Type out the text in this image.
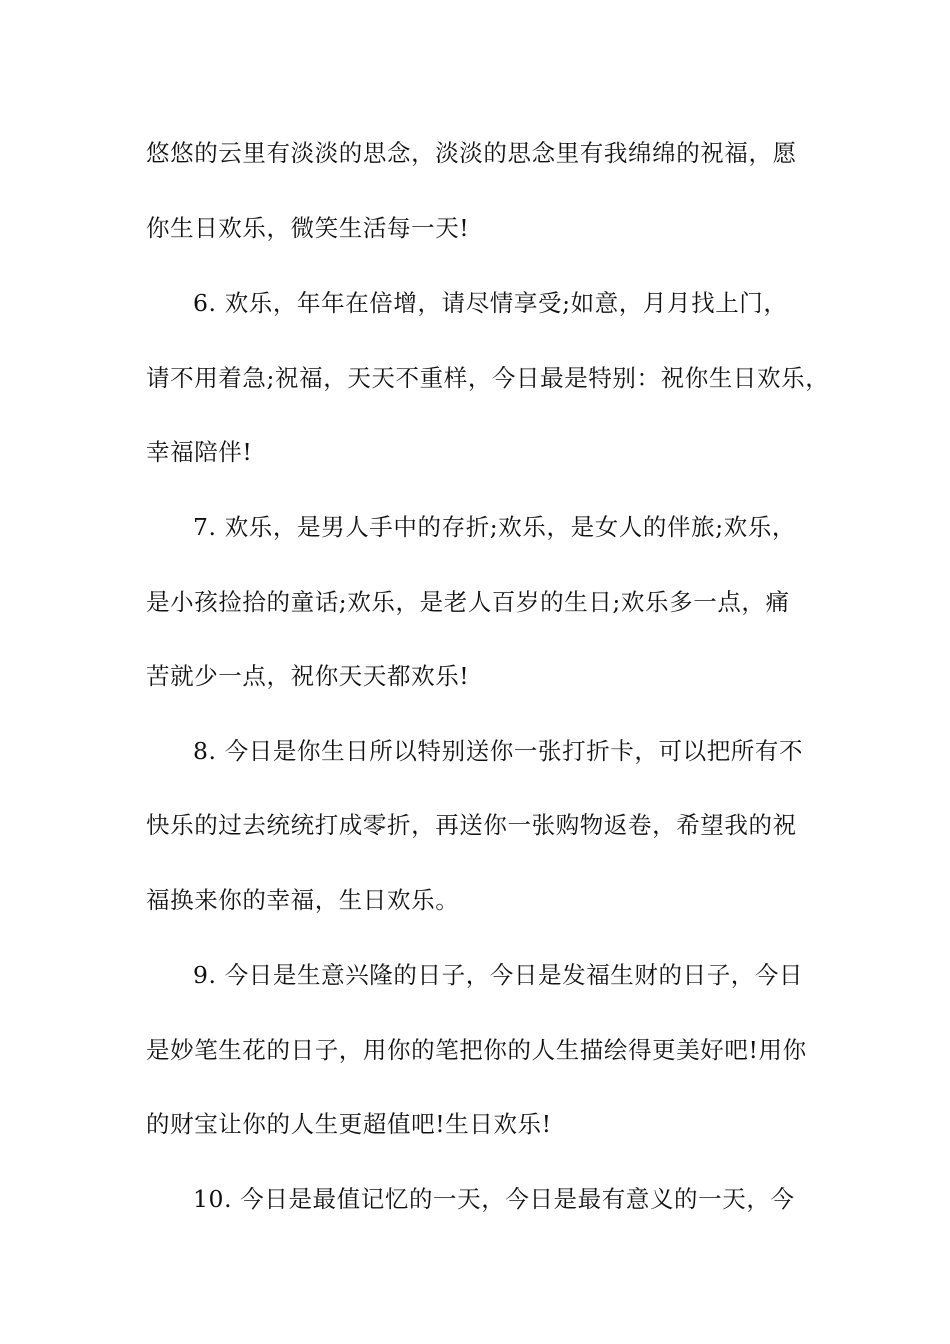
悠悠的云里有淡淡的思念，淡淡的思念里有我绵绵的祝福，愿
你生日欢乐，微笑生活每一天!
6. 欢乐，年年在倍增，请尽情享受;如意，月月找上门，
请不用着急;祝福，天天不重样，今日最是特别：祝你生日欢乐，
幸福陪伴!
7. 欢乐，是男人手中的存折;欢乐，是女人的伴旅;欢乐，
是小孩捡拾的童话;欢乐，是老人百岁的生日;欢乐多一点，痛
苦就少一点，祝你天天都欢乐!
8. 今日是你生日所以特别送你一张打折卡，可以把所有不
快乐的过去统统打成零折，再送你一张购物返卷，希望我的祝
福换来你的幸福，生日欢乐。
9. 今日是生意兴隆的日子，今日是发福生财的日子，今日
是妙笔生花的日子，用你的笔把你的人生描绘得更美好吧!用你
的财宝让你的人生更超值吧!生日欢乐!
10. 今日是最值记忆的一天，今日是最有意义的一天，今
